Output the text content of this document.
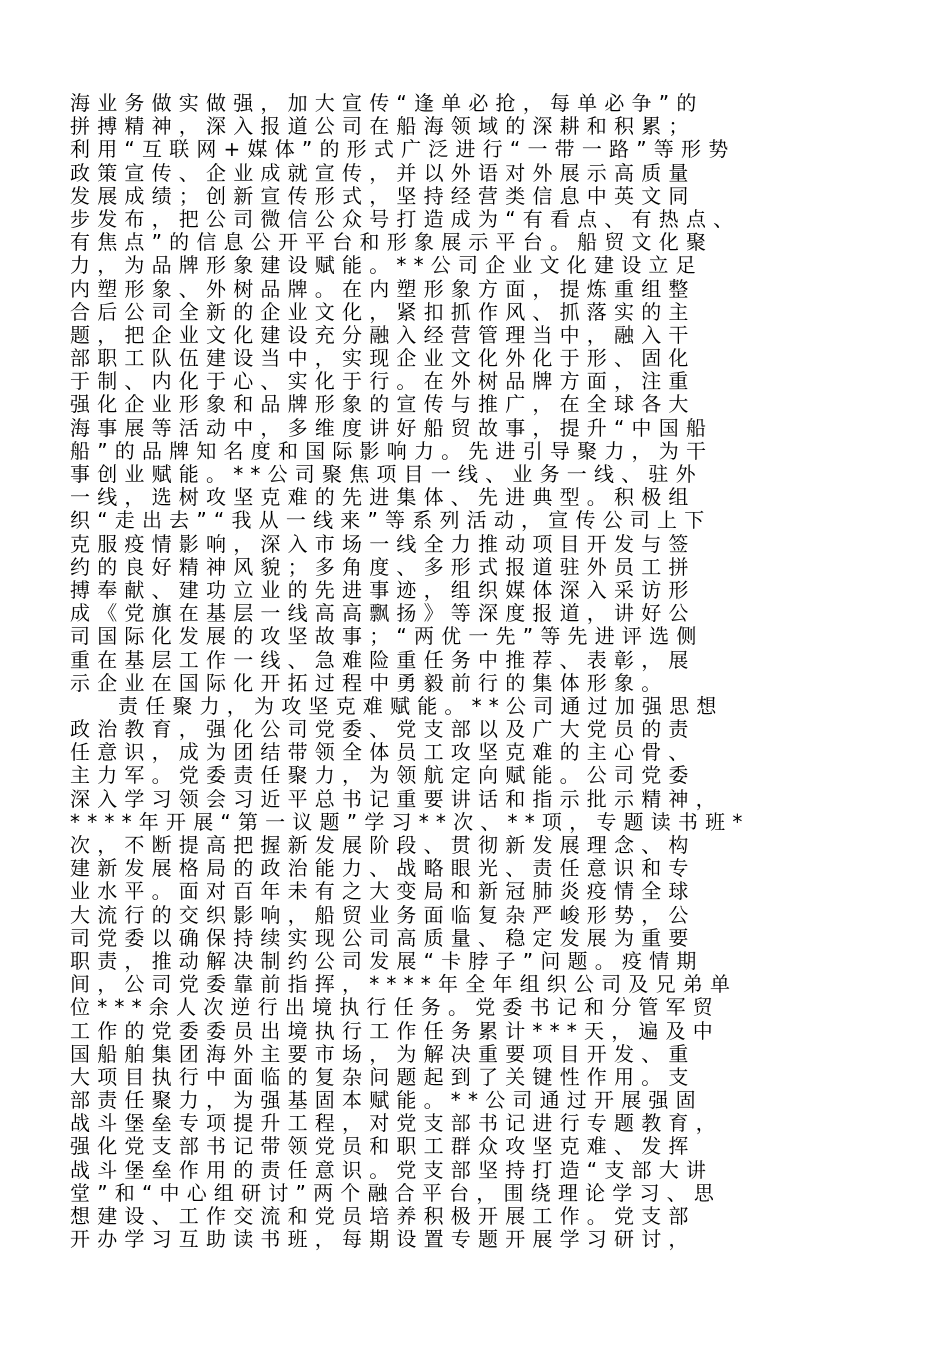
海业务做实做强，加大宣传“逢单必抢，每单必争”的
拼搏精神，深入报道公司在船海领域的深耕和积累；
利用“互联网+媒体”的形式广泛进行“一带一路”等形势
政策宣传、企业成就宣传，并以外语对外展示高质量
发展成绩；创新宣传形式，坚持经营类信息中英文同
步发布，把公司微信公众号打造成为“有看点、有热点、
有焦点”的信息公开平台和形象展示平台。船贸文化聚
力，为品牌形象建设赋能。**公司企业文化建设立足
内塑形象、外树品牌。在内塑形象方面，提炼重组整
合后公司全新的企业文化，紧扣抓作风、抓落实的主
题，把企业文化建设充分融入经营管理当中，融入干
部职工队伍建设当中，实现企业文化外化于形、固化
于制、内化于心、实化于行。在外树品牌方面，注重
强化企业形象和品牌形象的宣传与推广，在全球各大
海事展等活动中，多维度讲好船贸故事，提升“中国船
船”的品牌知名度和国际影响力。先进引导聚力，为干
事创业赋能。**公司聚焦项目一线、业务一线、驻外
一线，选树攻坚克难的先进集体、先进典型。积极组
织“走出去”“我从一线来”等系列活动，宣传公司上下
克服疫情影响，深入市场一线全力推动项目开发与签
约的良好精神风貌；多角度、多形式报道驻外员工拼
搏奉献、建功立业的先进事迹，组织媒体深入采访形
成《党旗在基层一线高高飘扬》等深度报道，讲好公
司国际化发展的攻坚故事；“两优一先”等先进评选侧
重在基层工作一线、急难险重任务中推荐、表彰，展
示企业在国际化开拓过程中勇毅前行的集体形象。
责任聚力，为攻坚克难赋能。**公司通过加强思想
政治教育，强化公司党委、党支部以及广大党员的责
任意识，成为团结带领全体员工攻坚克难的主心骨、
主力军。党委责任聚力，为领航定向赋能。公司党委
深入学习领会习近平总书记重要讲话和指示批示精神，
****年开展“第一议题”学习**次、**项，专题读书班*
次，不断提高把握新发展阶段、贯彻新发展理念、构
建新发展格局的政治能力、战略眼光、责任意识和专
业水平。面对百年未有之大变局和新冠肺炎疫情全球
大流行的交织影响，船贸业务面临复杂严峻形势，公
司党委以确保持续实现公司高质量、稳定发展为重要
职责，推动解决制约公司发展“卡脖子”问题。疫情期
间，公司党委靠前指挥，****年全年组织公司及兄弟单
位***余人次逆行出境执行任务。党委书记和分管军贸
工作的党委委员出境执行工作任务累计***天，遍及中
国船舶集团海外主要市场，为解决重要项目开发、重
大项目执行中面临的复杂问题起到了关键性作用。支
部责任聚力，为强基固本赋能。**公司通过开展强固
战斗堡垒专项提升工程，对党支部书记进行专题教育，
强化党支部书记带领党员和职工群众攻坚克难、发挥
战斗堡垒作用的责任意识。党支部坚持打造“支部大讲
堂”和“中心组研讨”两个融合平台，围绕理论学习、思
想建设、工作交流和党员培养积极开展工作。党支部
开办学习互助读书班，每期设置专题开展学习研讨，
